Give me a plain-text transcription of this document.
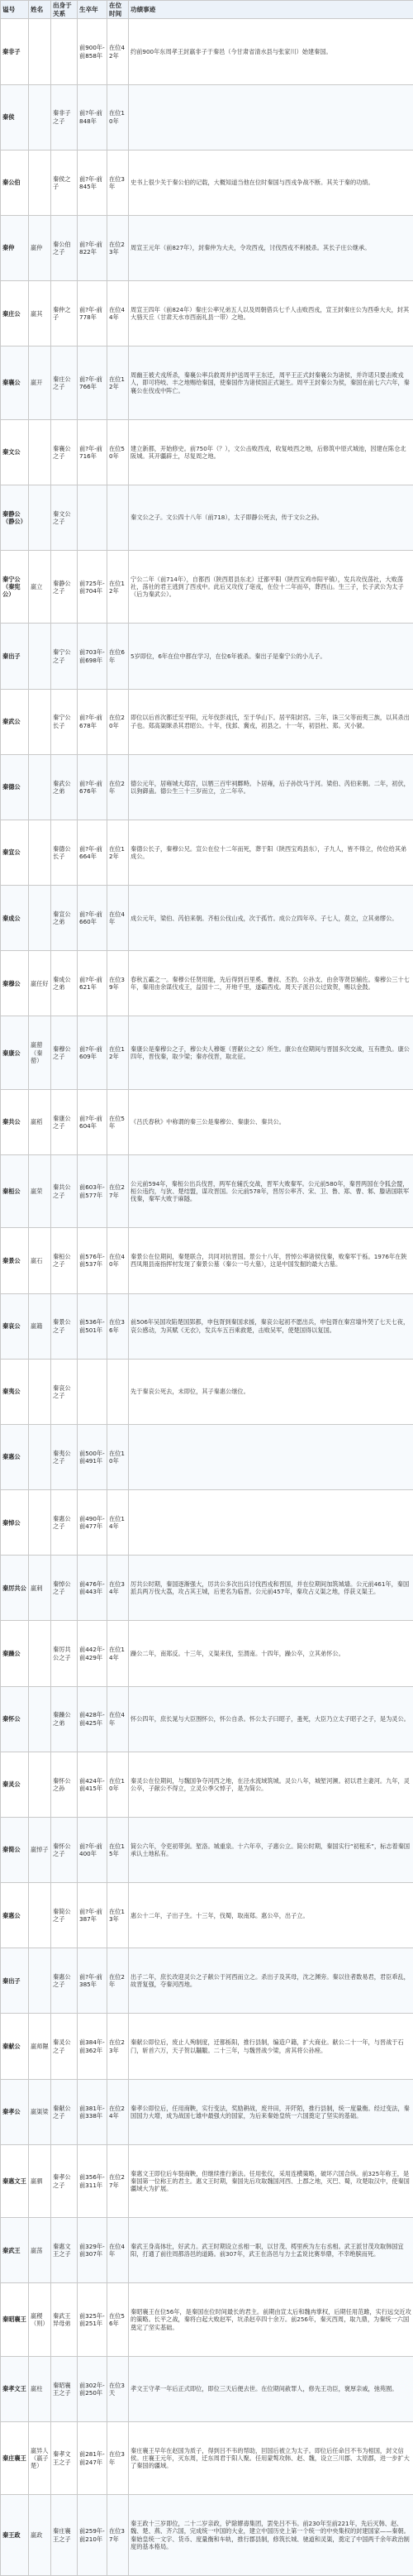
谥号	姓名	出身于关系	生卒年	在位时间	功绩事迹
秦非子			前900年-前858年	在位42年	约前900年东周孝王封嬴非子于秦邑（今甘肃省清水县与张家川）始建秦国。
秦侯		秦非子之子	前?年-前848年	在位10年	
秦公伯		秦侯之子	前?年-前845年	在位3年	史书上很少关于秦公伯的记载，大概知道当他在位时秦国与西戎争战不断。其关于秦的功绩。
秦仲	嬴仲	秦公伯之子	前?年-前822年	在位23年	周宣王元年（前827年），封秦仲为大夫，令攻西戎，讨伐西戎不利被杀。其长子庄公继承。
秦庄公	嬴其	秦仲之子	前?年-前778年	在位44年	周宣王四年（前824年）秦庄公率兄弟五人以及周朝借兵七千人击败西戎，宣王封秦庄公为西垂大夫，封其大骆天丘（甘肃天水市西南礼县一带）之地。
秦襄公	嬴开	秦庄公之子	前?年-前766年	在位12年	周幽王被犬戎所杀，秦襄公率兵救周并护送周平王东迁，周平王正式封秦襄公为诸侯，并许诺只要击败戎人，即可将岐、丰之地赐给秦国，使秦国作为诸侯国正式诞生。周平王封秦公为侯，秦国在前七六六年，秦襄公在伐戎中阵亡。
秦文公		秦襄公之子	前?年-前716年	在位50年	建立新都，开始修史。前750年（？），文公击败西戎，收复岐西之地，后修筑中原式城池，因建在陈仓北阪城。其开疆辟土，尽复周之地。
秦静公（静公）		秦文公之子			秦文公之子。文公四十八年（前718），太子即静公死去，传于文公之孙。
秦宁公（秦宪公）	嬴立	秦静公之子	前725年-前704年	在位12年	宁公二年（前714年），自都西（陕西眉县东北）迁都平阳（陕西宝鸡市阳平镇），发兵攻伐荡社，大败荡社，荡社的君王逃到了西戎中。此后又攻伐了亳戎，在位十二年而卒，葬西山。生三子，长子武公为太子（后为秦武公）。
秦出子		秦宁公之子	前703年-前698年	在位6年	5岁即位，6年在位中都在学习，在位6年被杀。秦出子是秦宁公的小儿子。
秦武公		秦宁公长子	前?年-前678年	在位20年	即位以后首次都迁至平阳，元年伐彭戏氏，至于华山下。居平阳封宫。三年，诛三父等而夷三族，以其杀出子也。郑高渠眯杀其君昭公。十年，伐邽、冀戎，初县之。十一年，初县杜、郑。灭小虢。
秦德公		秦武公之弟	前?年-前676年	在位2年	德公元年，居雍城大郑宫，以牺三百牢祠鄜畤。卜居雍，后子孙饮马于河。梁伯、芮伯来朝。二年，初伏，以狗御蛊。德公生三十三岁而立，立二年卒。
秦宣公		秦德公长子	前?年-前664年	在位12年	秦德公长子，秦穆公兄。宣公在位十二年而死，葬于阳（陕西宝鸡县东），子九人，皆不得立，传位给其弟成公。
秦成公		秦宣公之弟	前?年-前660年	在位4年	成公元年，梁伯、芮伯来朝。齐桓公伐山戎，次于孤竹。成公立四年卒。子七人，莫立，立其弟缪公。
秦穆公	嬴任好	秦成公之弟	前?年-前621年	在位39年	春秋五霸之一。秦穆公任贤用能，先后得到百里奚、蹇叔、丕豹、公孙支、由余等贤臣辅佐。秦穆公三十七年，秦用由余谋伐戎王，益国十二，开地千里，遂霸西戎。周天子派召公过致贺，赐以金鼓。
秦康公	嬴罃（秦罃）	秦穆公之子	前?年-前609年	在位12年	秦康公是秦穆公之子，穆公夫人穆姬（晋献公之女）所生。康公在位期间与晋国多次交战，互有胜负。康公四年，晋伐秦，取少梁；秦亦伐晋，取北征。
秦共公	嬴稻	秦康公之子	前?年-前604年	在位5年	《吕氏春秋》中称谓的秦三公是秦穆公、秦康公、秦共公。
秦桓公	嬴荣	秦共公之子	前603年-前577年	在位27年	公元前594年，秦桓公出兵伐晋，两军在辅氏交战，晋军大败秦军。公元前580年，秦晋两国在令狐会盟，桓公违约，与狄、楚结盟，谋攻晋国。公元前578年，晋厉公率齐、宋、卫、鲁、郑、曹、邾、滕诸国联军伐秦，秦军大败于麻隧。
秦景公	嬴石	秦桓公之子	前576年-前537年	在位40年	秦景公在位期间，秦楚联合，共同对抗晋国。景公十八年，晋悼公率诸侯伐秦，败秦军于栎。1976年在陕西凤翔县南指挥村发现了秦景公墓（秦公一号大墓），这是中国发掘的最大古墓。
秦哀公	嬴籍	秦景公之子	前536年-前501年	在位36年	前506年吴国攻陷楚国郢都，申包胥到秦国求援，秦哀公起初不愿出兵，申包胥在秦宫墙外哭了七天七夜，哀公感动，为其赋《无衣》，发兵车五百乘救楚，击败吴军，使楚国得以复国。
秦夷公		秦哀公之子			先于秦哀公死去，未即位，其子秦惠公继位。
秦惠公		秦夷公之子	前500年-前491年	在位10年	
秦悼公		秦惠公之子	前490年-前477年	在位14年	
秦厉共公	嬴刺	秦悼公之子	前476年-前443年	在位34年	厉共公时期，秦国逐渐强大，厉共公多次出兵讨伐西戎和晋国，并在位期间加筑城墙。公元前461年，秦国派兵两万伐大荔，攻占其王城，后更名为临晋。公元前457年，秦攻占义渠之地，俘获义渠王。
秦躁公		秦厉共公之子	前442年-前429年	在位14年	躁公二年，南郑反。十三年，义渠来伐，至渭南。十四年，躁公卒，立其弟怀公。
秦怀公		秦躁公之弟	前428年-前425年	在位4年	怀公四年，庶长晁与大臣围怀公，怀公自杀。怀公太子曰昭子，蚤死，大臣乃立太子昭子之子，是为灵公。
秦灵公		秦怀公之孙	前424年-前415年	在位10年	秦灵公在位期间，与魏国争夺河西之地，在泾水流域筑城。灵公八年，城堑河濒。初以君主妻河。九年，灵公卒，子献公不得立，立灵公季父悼子，是为简公。
秦简公	嬴悼子	秦怀公之子	前?年-前400年	在位15年	简公六年，令吏初带剑。堑洛。城重泉。十六年卒，子惠公立。简公时期，秦国实行“初租禾”，标志着秦国承认土地私有。
秦惠公		秦简公之子	前?年-前387年	在位13年	惠公十二年，子出子生。十三年，伐蜀，取南郑。惠公卒，出子立。
秦出子		秦惠公之子	前?年-前385年	在位2年	出子二年，庶长改迎灵公之子献公于河西而立之。杀出子及其母，沈之渊旁。秦以往者数易君，君臣乖乱，故晋复强，夺秦河西地。
秦献公	嬴师隰	秦灵公之子	前384年-前362年	在位23年	秦献公即位后，废止人殉制度，迁都栎阳，推行县制，编造户籍，扩大商业。献公二十一年，与晋战于石门，斩首六万，天子贺以黼黻。二十三年，与魏晋战少梁，虏其将公孙痤。
秦孝公	嬴渠梁	秦献公之子	前381年-前338年	在位24年	秦孝公即位后，任用商鞅，实行变法，奖励耕战，废井田，开阡陌，推行县制，统一度量衡。经过变法，秦国国力大增，成为战国七雄中最强大的国家，为后来秦始皇统一六国奠定了坚实的基础。
秦惠文王	嬴驷	秦孝公之子	前356年-前311年	在位27年	秦惠文王即位后车裂商鞅，但继续推行新法。任用张仪，采用连横策略，破坏六国合纵。前325年称王，是秦国第一位称王的君主。惠文王时期，秦国先后攻取魏国河西、上郡之地，灭巴、蜀，攻楚取汉中，使秦国疆域大为扩展。
秦武王	嬴荡	秦惠文王之子	前329年-前307年	在位4年	秦武王身高体壮，好武力。武王时期设立丞相一职，以甘茂、樗里疾为左右丞相。武王派甘茂攻取韩国宜阳，打通了前往周都洛邑的道路。前307年，武王在洛邑与力士孟说比赛举鼎，不幸绝膑而死。
秦昭襄王	嬴稷（则）	秦武王异母弟	前325年-前251年	在位56年	秦昭襄王在位56年，是秦国在位时间最长的君主。前期由宣太后和魏冉掌权，后期任用范雎，实行远交近攻的策略。长平之战，秦将白起大败赵军，坑杀赵卒四十余万。前256年，秦灭西周，取九鼎，为秦统一六国奠定了坚实基础。
秦孝文王	嬴柱	秦昭襄王之子	前302年-前250年	在位3天	孝文王守孝一年后正式即位，即位三天后便去世。在位期间赦罪人，修先王功臣，褒厚亲戚，弛苑囿。
秦庄襄王	嬴异人（嬴子楚）	秦孝文王之子	前281年-前247年	在位3年	秦庄襄王早年在赵国为质子，得到吕不韦的帮助，回国后被立为太子。即位后任命吕不韦为相国，封文信侯。庄襄王元年，灭东周，迁东周君于阳人聚。任用蒙骜攻韩、赵、魏，设立三川郡、太原郡，进一步扩大了秦国的疆域。
秦王政	嬴政	秦庄襄王之子	前259年-前210年	在位37年	秦王政十三岁即位，二十二岁亲政，铲除嫪毐集团，罢免吕不韦。前230年至前221年，先后灭韩、赵、魏、楚、燕、齐六国，完成统一中国的大业，建立中国历史上第一个统一的中央集权的封建国家——秦朝。秦始皇统一文字、货币、度量衡和车轨，推行郡县制，修筑长城、驰道和灵渠，奠定了中国两千余年政治制度的基本格局。
